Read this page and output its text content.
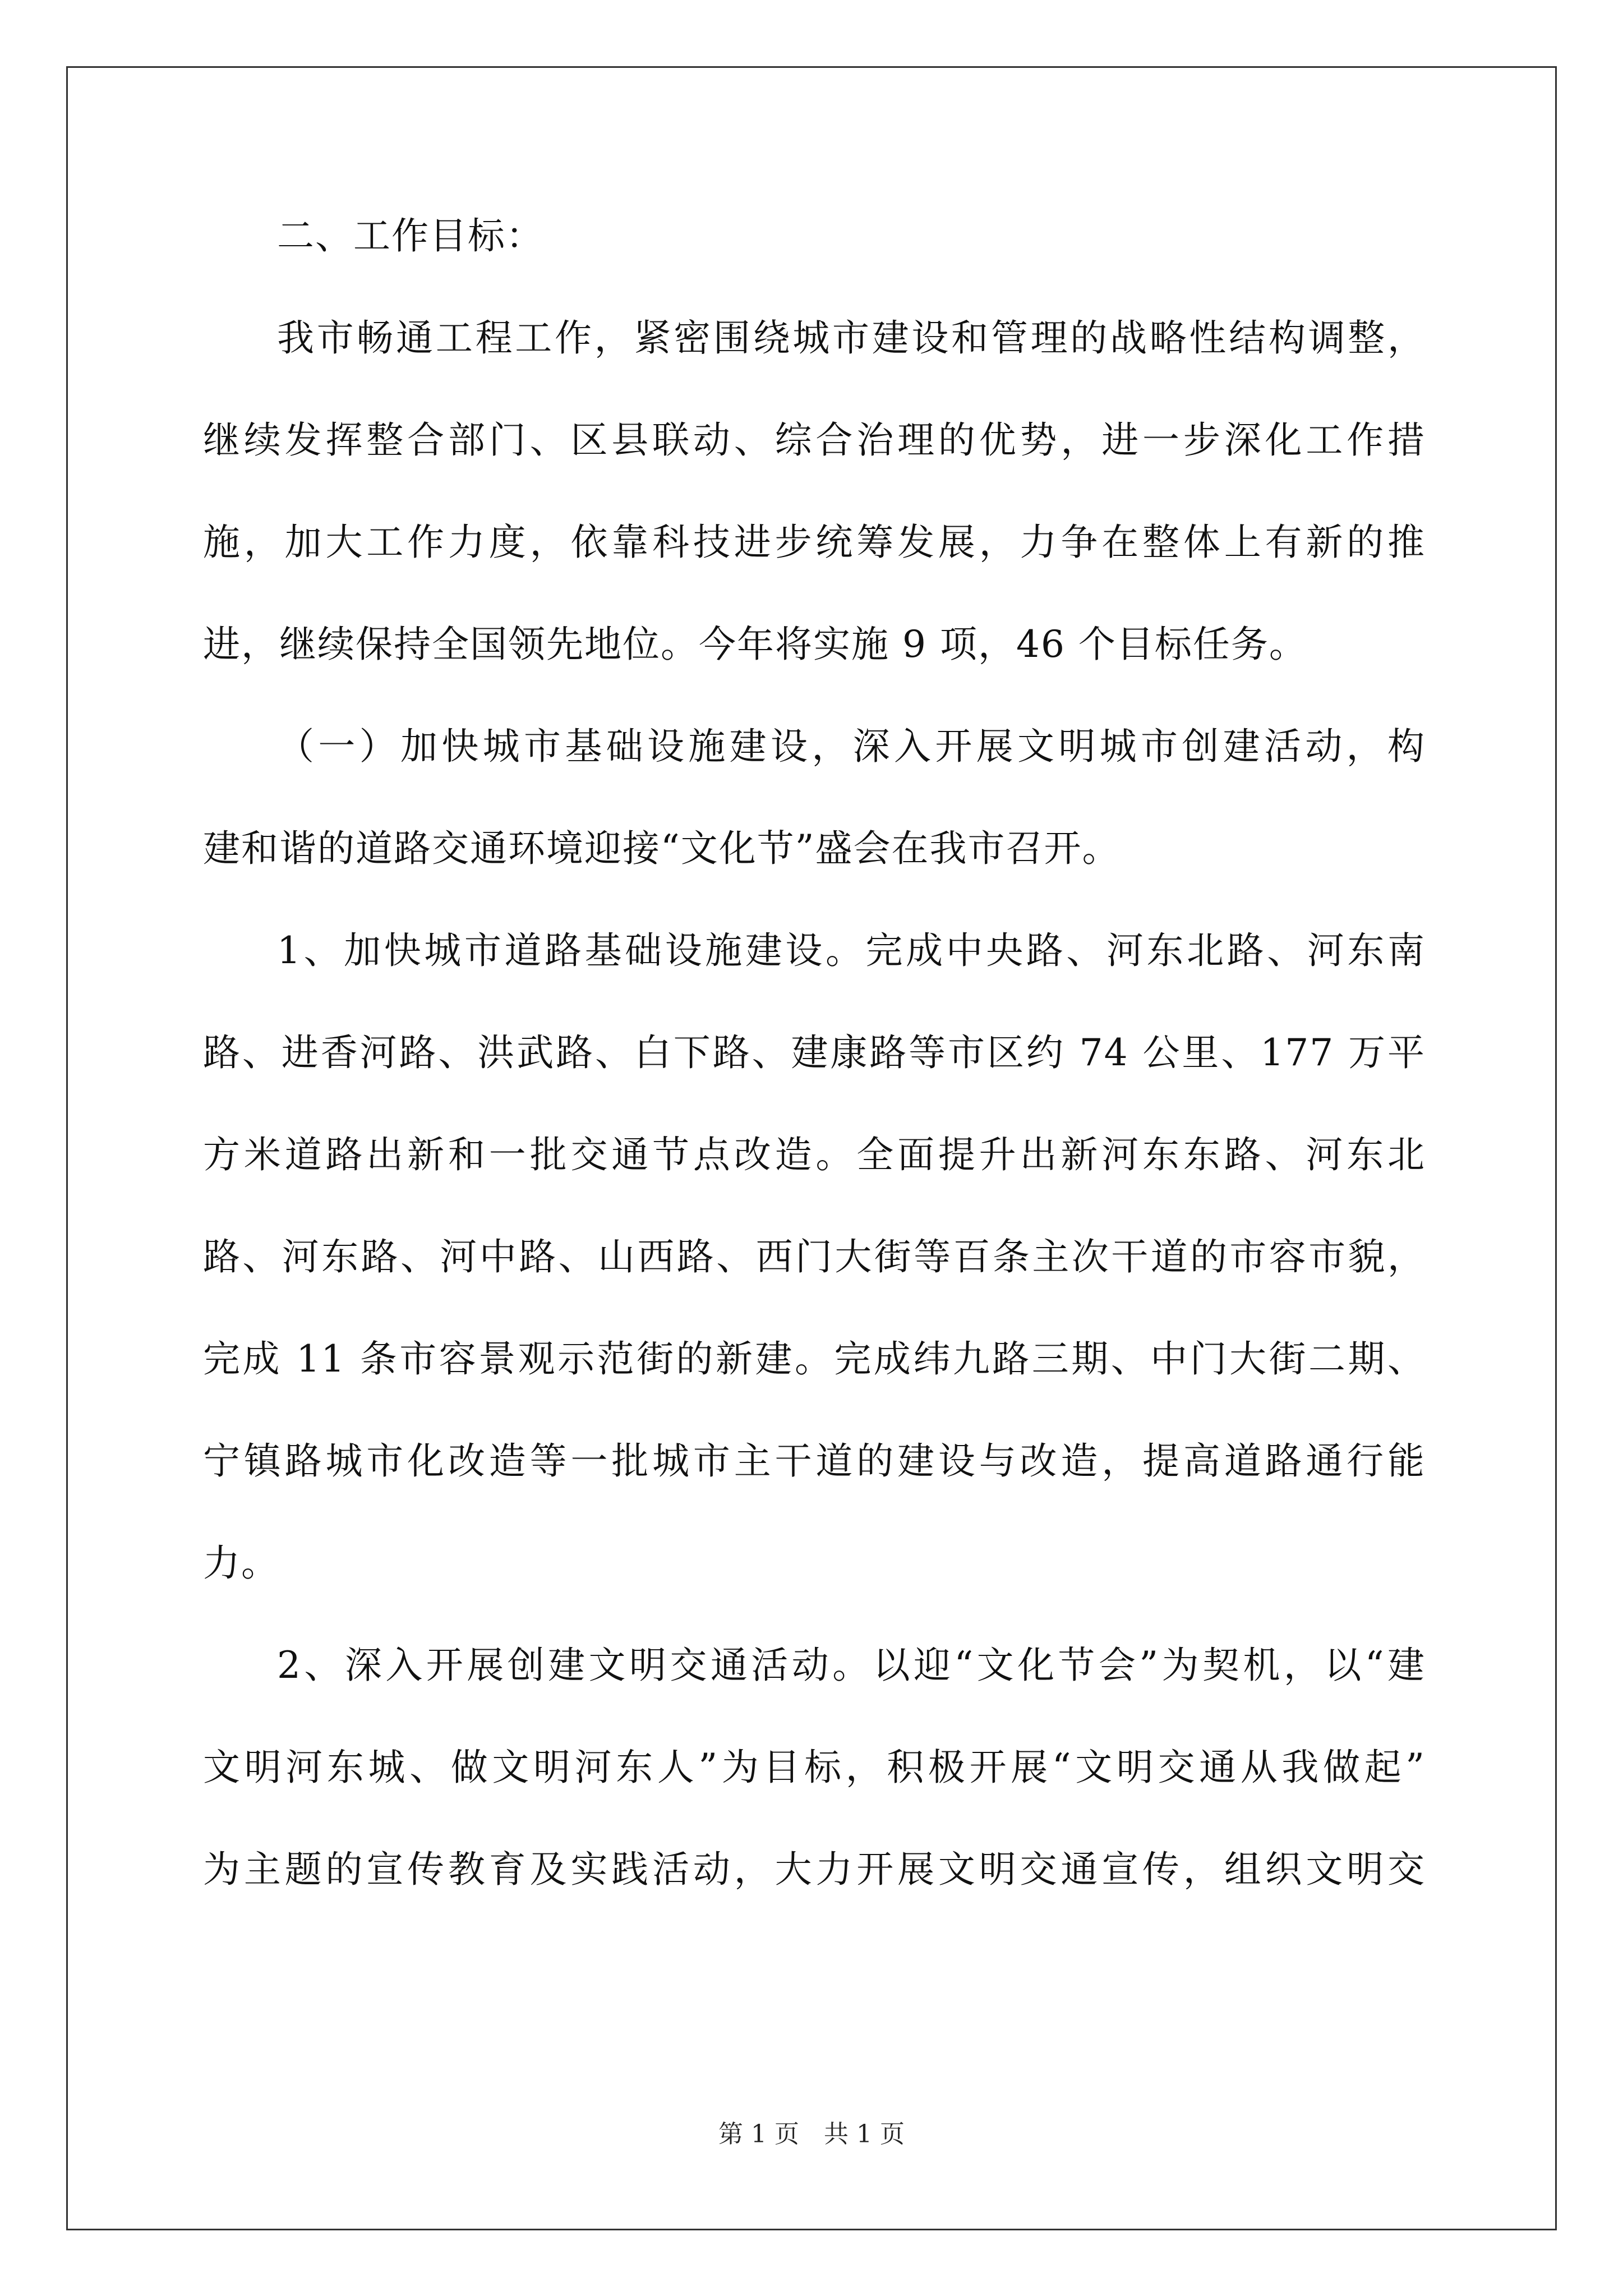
二、工作目标：
我市畅通工程工作，紧密围绕城市建设和管理的战略性结构调整，
继续发挥整合部门、区县联动、综合治理的优势，进一步深化工作措
施，加大工作力度，依靠科技进步统筹发展，力争在整体上有新的推
进，继续保持全国领先地位。今年将实施 9 项，46 个目标任务。
（一）加快城市基础设施建设，深入开展文明城市创建活动，构
建和谐的道路交通环境迎接“文化节”盛会在我市召开。
1、加快城市道路基础设施建设。完成中央路、河东北路、河东南
路、进香河路、洪武路、白下路、建康路等市区约 74 公里、177 万平
方米道路出新和一批交通节点改造。全面提升出新河东东路、河东北
路、河东路、河中路、山西路、西门大街等百条主次干道的市容市貌，
完成 11 条市容景观示范街的新建。完成纬九路三期、中门大街二期、
宁镇路城市化改造等一批城市主干道的建设与改造，提高道路通行能
力。
2、深入开展创建文明交通活动。以迎“文化节会”为契机，以“建
文明河东城、做文明河东人”为目标，积极开展“文明交通从我做起”
为主题的宣传教育及实践活动，大力开展文明交通宣传，组织文明交
第 1 页　共 1 页
